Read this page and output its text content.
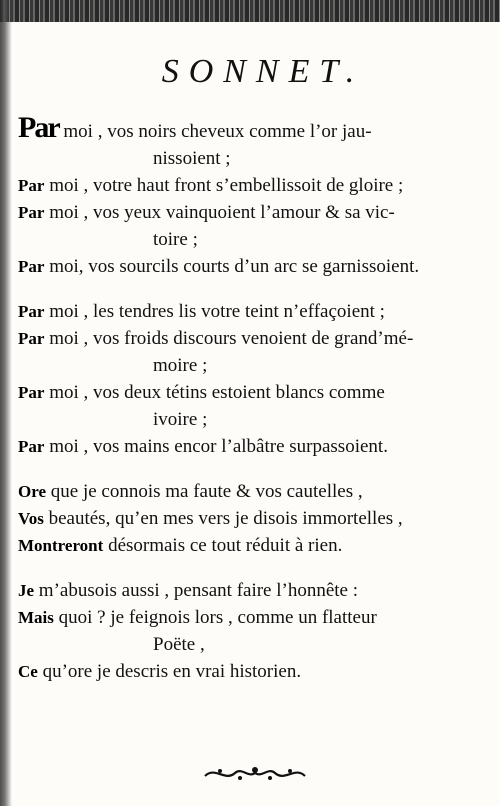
SONNET.
Par moi , vos noirs cheveux comme l’or jau-
nissoient ;
Par moi , votre haut front s’embellissoit de gloire ;
Par moi , vos yeux vainquoient l’amour & sa vic-
toire ;
Par moi, vos sourcils courts d’un arc se garnissoient.
Par moi , les tendres lis votre teint n’effaçoient ;
Par moi , vos froids discours venoient de grand’mé-
moire ;
Par moi , vos deux tétins estoient blancs comme
ivoire ;
Par moi , vos mains encor l’albâtre surpassoient.
Ore que je connois ma faute & vos cautelles ,
Vos beautés, qu’en mes vers je disois immortelles ,
Montreront désormais ce tout réduit à rien.
Je m’abusois aussi , pensant faire l’honnête :
Mais quoi ? je feignois lors , comme un flatteur
Poëte ,
Ce qu’ore je descris en vrai historien.
